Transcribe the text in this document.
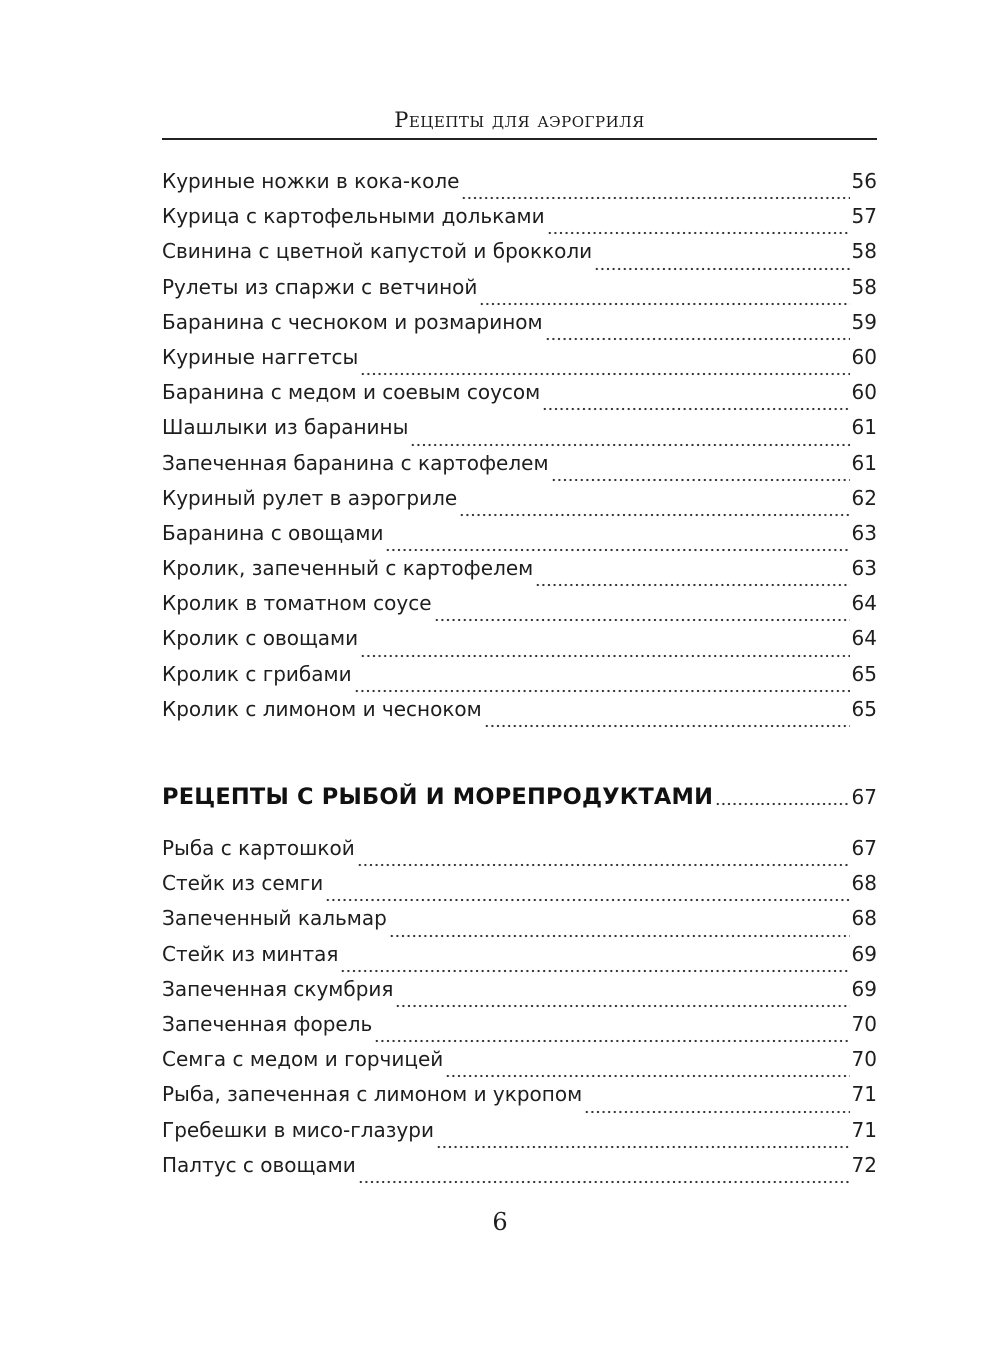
Рецепты для аэрогриля
Куриные ножки в кока-коле	56
Курица с картофельными дольками	57
Свинина с цветной капустой и брокколи	58
Рулеты из спаржи с ветчиной	58
Баранина с чесноком и розмарином	59
Куриные наггетсы	60
Баранина с медом и соевым соусом	60
Шашлыки из баранины	61
Запеченная баранина с картофелем	61
Куриный рулет в аэрогриле	62
Баранина с овощами	63
Кролик, запеченный с картофелем	63
Кролик в томатном соусе	64
Кролик с овощами	64
Кролик с грибами	65
Кролик с лимоном и чесноком	65
РЕЦЕПТЫ С РЫБОЙ И МОРЕПРОДУКТАМИ	67
Рыба с картошкой	67
Стейк из семги	68
Запеченный кальмар	68
Стейк из минтая	69
Запеченная скумбрия	69
Запеченная форель	70
Семга с медом и горчицей	70
Рыба, запеченная с лимоном и укропом	71
Гребешки в мисо-глазури	71
Палтус с овощами	72
6
